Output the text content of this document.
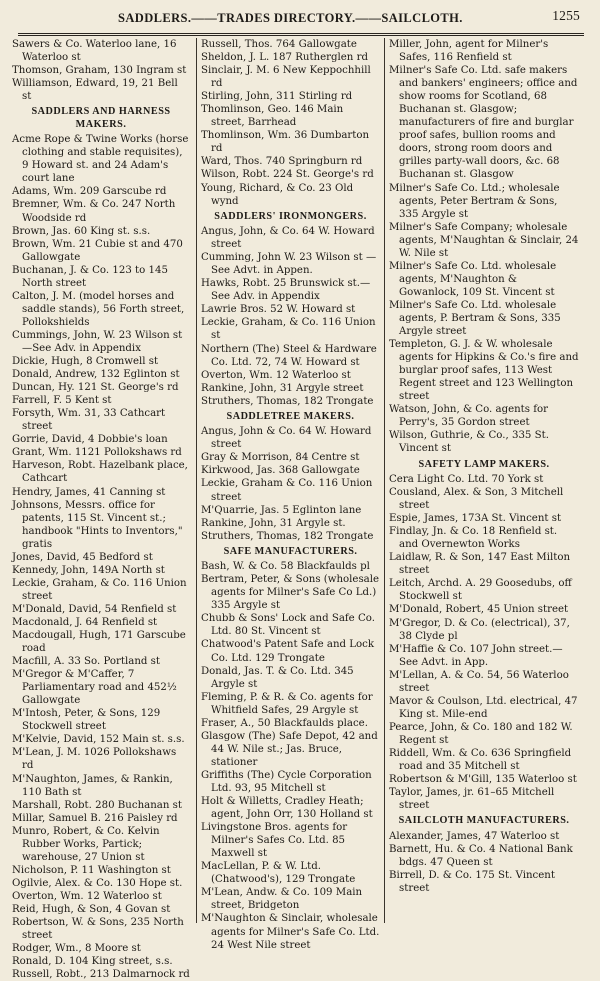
SADDLERS.——TRADES DIRECTORY.——SAILCLOTH.	1255
Sawers & Co. Waterloo lane, 16 Waterloo st
Thomson, Graham, 130 Ingram st
Williamson, Edward, 19, 21 Bell st
SADDLERS AND HARNESS MAKERS.
Acme Rope & Twine Works (horse clothing and stable requisites), 9 Howard st. and 24 Adam's court lane
Adams, Wm. 209 Garscube rd
Bremner, Wm. & Co. 247 North Woodside rd
Brown, Jas. 60 King st. s.s.
Brown, Wm. 21 Cubie st and 470 Gallowgate
Buchanan, J. & Co. 123 to 145 North street
Calton, J. M. (model horses and saddle stands), 56 Forth street, Pollokshields
Cummings, John, W. 23 Wilson st —See Adv. in Appendix
Dickie, Hugh, 8 Cromwell st
Donald, Andrew, 132 Eglinton st
Duncan, Hy. 121 St. George's rd
Farrell, F. 5 Kent st
Forsyth, Wm. 31, 33 Cathcart street
Gorrie, David, 4 Dobbie's loan
Grant, Wm. 1121 Pollokshaws rd
Harveson, Robt. Hazelbank place, Cathcart
Hendry, James, 41 Canning st
Johnsons, Messrs. office for patents, 115 St. Vincent st.; handbook "Hints to Inventors," gratis
Jones, David, 45 Bedford st
Kennedy, John, 149A North st
Leckie, Graham, & Co. 116 Union street
M'Donald, David, 54 Renfield st
Macdonald, J. 64 Renfield st
Macdougall, Hugh, 171 Garscube road
Macfill, A. 33 So. Portland st
M'Gregor & M'Caffer, 7 Parliamentary road and 452½ Gallowgate
M'Intosh, Peter, & Sons, 129 Stockwell street
M'Kelvie, David, 152 Main st. s.s.
M'Lean, J. M. 1026 Pollokshaws rd
M'Naughton, James, & Rankin, 110 Bath st
Marshall, Robt. 280 Buchanan st
Millar, Samuel B. 216 Paisley rd
Munro, Robert, & Co. Kelvin Rubber Works, Partick; warehouse, 27 Union st
Nicholson, P. 11 Washington st
Ogilvie, Alex. & Co. 130 Hope st.
Overton, Wm. 12 Waterloo st
Reid, Hugh, & Son, 4 Govan st
Robertson, W. & Sons, 235 North street
Rodger, Wm., 8 Moore st
Ronald, D. 104 King street, s.s.
Russell, Robt., 213 Dalmarnock rd
Russell, Thos. 764 Gallowgate
Sheldon, J. L. 187 Rutherglen rd
Sinclair, J. M. 6 New Keppochhill rd
Stirling, John, 311 Stirling rd
Thomlinson, Geo. 146 Main street, Barrhead
Thomlinson, Wm. 36 Dumbarton rd
Ward, Thos. 740 Springburn rd
Wilson, Robt. 224 St. George's rd
Young, Richard, & Co. 23 Old wynd
SADDLERS' IRONMONGERS.
Angus, John, & Co. 64 W. Howard street
Cumming, John W. 23 Wilson st —See Advt. in Appen.
Hawks, Robt. 25 Brunswick st.— See Adv. in Appendix
Lawrie Bros. 52 W. Howard st
Leckie, Graham, & Co. 116 Union st
Northern (The) Steel & Hardware Co. Ltd. 72, 74 W. Howard st
Overton, Wm. 12 Waterloo st
Rankine, John, 31 Argyle street
Struthers, Thomas, 182 Trongate
SADDLETREE MAKERS.
Angus, John & Co. 64 W. Howard street
Gray & Morrison, 84 Centre st
Kirkwood, Jas. 368 Gallowgate
Leckie, Graham & Co. 116 Union street
M'Quarrie, Jas. 5 Eglinton lane
Rankine, John, 31 Argyle st.
Struthers, Thomas, 182 Trongate
SAFE MANUFACTURERS.
Bash, W. & Co. 58 Blackfaulds pl
Bertram, Peter, & Sons (wholesale agents for Milner's Safe Co Ld.) 335 Argyle st
Chubb & Sons' Lock and Safe Co. Ltd. 80 St. Vincent st
Chatwood's Patent Safe and Lock Co. Ltd. 129 Trongate
Donald, Jas. T. & Co. Ltd. 345 Argyle st
Fleming, P. & R. & Co. agents for Whitfield Safes, 29 Argyle st
Fraser, A., 50 Blackfaulds place.
Glasgow (The) Safe Depot, 42 and 44 W. Nile st.; Jas. Bruce, stationer
Griffiths (The) Cycle Corporation Ltd. 93, 95 Mitchell st
Holt & Willetts, Cradley Heath; agent, John Orr, 130 Holland st
Livingstone Bros. agents for Milner's Safes Co. Ltd. 85 Maxwell st
MacLellan, P. & W. Ltd. (Chatwood's), 129 Trongate
M'Lean, Andw. & Co. 109 Main street, Bridgeton
M'Naughton & Sinclair, wholesale agents for Milner's Safe Co. Ltd. 24 West Nile street
Miller, John, agent for Milner's Safes, 116 Renfield st
Milner's Safe Co. Ltd. safe makers and bankers' engineers; office and show rooms for Scotland, 68 Buchanan st. Glasgow; manufacturers of fire and burglar proof safes, bullion rooms and doors, strong room doors and grilles party-wall doors, &c. 68 Buchanan st. Glasgow
Milner's Safe Co. Ltd.; wholesale agents, Peter Bertram & Sons, 335 Argyle st
Milner's Safe Company; wholesale agents, M'Naughtan & Sinclair, 24 W. Nile st
Milner's Safe Co. Ltd. wholesale agents, M'Naughton & Gowanlock, 109 St. Vincent st
Milner's Safe Co. Ltd. wholesale agents, P. Bertram & Sons, 335 Argyle street
Templeton, G. J. & W. wholesale agents for Hipkins & Co.'s fire and burglar proof safes, 113 West Regent street and 123 Wellington street
Watson, John, & Co. agents for Perry's, 35 Gordon street
Wilson, Guthrie, & Co., 335 St. Vincent st
SAFETY LAMP MAKERS.
Cera Light Co. Ltd. 70 York st
Cousland, Alex. & Son, 3 Mitchell street
Espie, James, 173A St. Vincent st
Findlay, Jn. & Co. 18 Renfield st. and Overnewton Works
Laidlaw, R. & Son, 147 East Milton street
Leitch, Archd. A. 29 Goosedubs, off Stockwell st
M'Donald, Robert, 45 Union street
M'Gregor, D. & Co. (electrical), 37, 38 Clyde pl
M'Haffie & Co. 107 John street.— See Advt. in App.
M'Lellan, A. & Co. 54, 56 Waterloo street
Mavor & Coulson, Ltd. electrical, 47 King st. Mile-end
Pearce, John, & Co. 180 and 182 W. Regent st
Riddell, Wm. & Co. 636 Springfield road and 35 Mitchell st
Robertson & M'Gill, 135 Waterloo st
Taylor, James, jr. 61–65 Mitchell street
SAILCLOTH MANUFACTURERS.
Alexander, James, 47 Waterloo st
Barnett, Hu. & Co. 4 National Bank bdgs. 47 Queen st
Birrell, D. & Co. 175 St. Vincent street
